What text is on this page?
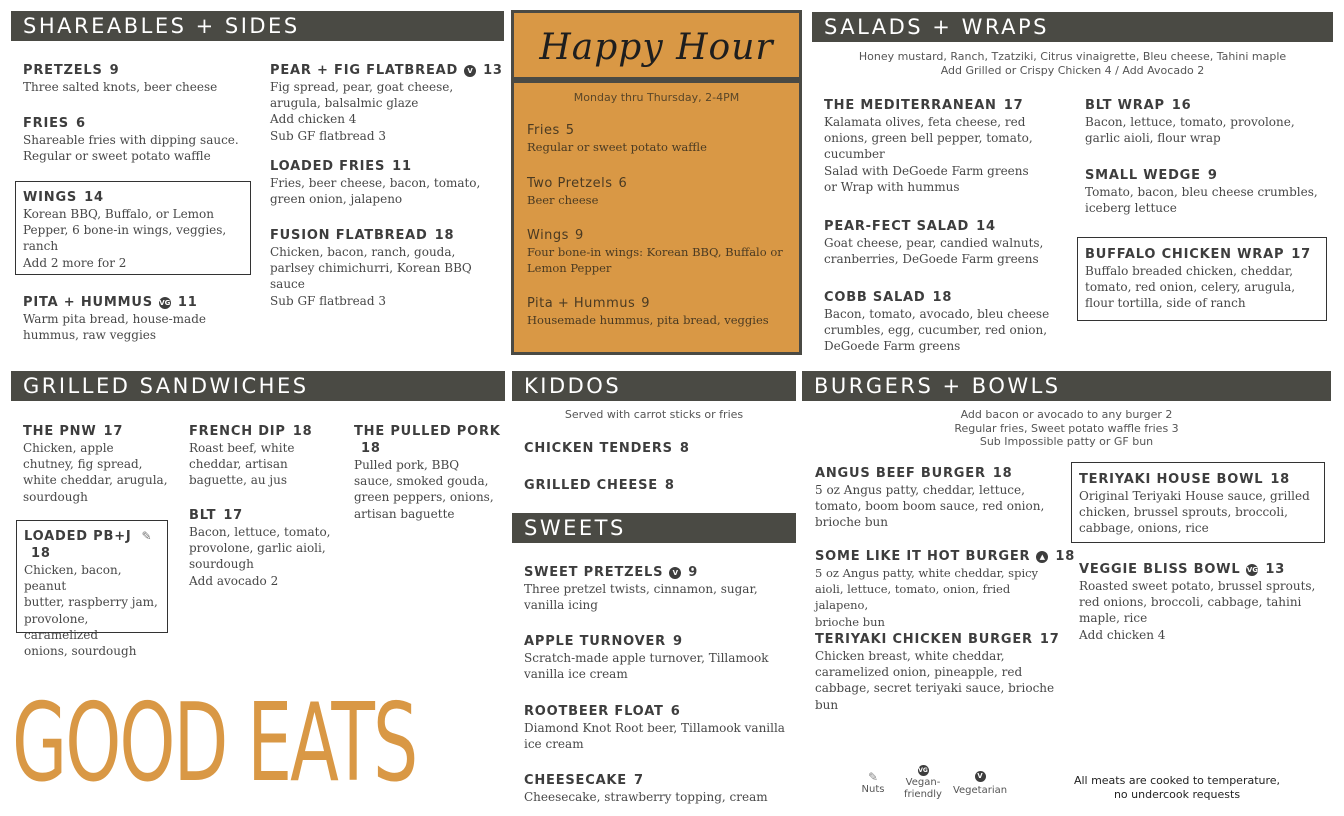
SHAREABLES + SIDES	SALADS + WRAPS
GRILLED SANDWICHES	KIDDOS	BURGERS + BOWLS
SWEETS
PRETZELS 9
Three salted knots, beer cheese
FRIES 6
Shareable fries with dipping sauce.
Regular or sweet potato waffle
WINGS 14
Korean BBQ, Buffalo, or Lemon
Pepper, 6 bone-in wings, veggies,
ranch
Add 2 more for 2
PITA + HUMMUS VG 11
Warm pita bread, house-made
hummus, raw veggies
PEAR + FIG FLATBREAD V 13
Fig spread, pear, goat cheese,
arugula, balsalmic glaze
Add chicken 4
Sub GF flatbread 3
LOADED FRIES 11
Fries, beer cheese, bacon, tomato,
green onion, jalapeno
FUSION FLATBREAD 18
Chicken, bacon, ranch, gouda,
parlsey chimichurri, Korean BBQ
sauce
Sub GF flatbread 3
Happy Hour
Monday thru Thursday, 2-4PM
Fries 5
Regular or sweet potato waffle
Two Pretzels 6
Beer cheese
Wings 9
Four bone-in wings: Korean BBQ, Buffalo or
Lemon Pepper
Pita + Hummus 9
Housemade hummus, pita bread, veggies
Honey mustard, Ranch, Tzatziki, Citrus vinaigrette, Bleu cheese, Tahini maple
Add Grilled or Crispy Chicken 4 / Add Avocado 2
THE MEDITERRANEAN 17
Kalamata olives, feta cheese, red
onions, green bell pepper, tomato,
cucumber
Salad with DeGoede Farm greens
or Wrap with hummus
PEAR-FECT SALAD 14
Goat cheese, pear, candied walnuts,
cranberries, DeGoede Farm greens
COBB SALAD 18
Bacon, tomato, avocado, bleu cheese
crumbles, egg, cucumber, red onion,
DeGoede Farm greens
BLT WRAP 16
Bacon, lettuce, tomato, provolone,
garlic aioli, flour wrap
SMALL WEDGE 9
Tomato, bacon, bleu cheese crumbles,
iceberg lettuce
BUFFALO CHICKEN WRAP 17
Buffalo breaded chicken, cheddar,
tomato, red onion, celery, arugula,
flour tortilla, side of ranch
THE PNW 17
Chicken, apple
chutney, fig spread,
white cheddar, arugula,
sourdough
LOADED PB+J ✎
18
Chicken, bacon, peanut
butter, raspberry jam,
provolone, caramelized
onions, sourdough
FRENCH DIP 18
Roast beef, white
cheddar, artisan
baguette, au jus
BLT 17
Bacon, lettuce, tomato,
provolone, garlic aioli,
sourdough
Add avocado 2
THE PULLED PORK
18
Pulled pork, BBQ
sauce, smoked gouda,
green peppers, onions,
artisan baguette
Served with carrot sticks or fries
CHICKEN TENDERS 8
GRILLED CHEESE 8
SWEET PRETZELS V 9
Three pretzel twists, cinnamon, sugar,
vanilla icing
APPLE TURNOVER 9
Scratch-made apple turnover, Tillamook
vanilla ice cream
ROOTBEER FLOAT 6
Diamond Knot Root beer, Tillamook vanilla
ice cream
CHEESECAKE 7
Cheesecake, strawberry topping, cream
Add bacon or avocado to any burger 2
Regular fries, Sweet potato waffle fries 3
Sub Impossible patty or GF bun
ANGUS BEEF BURGER 18
5 oz Angus patty, cheddar, lettuce,
tomato, boom boom sauce, red onion,
brioche bun
SOME LIKE IT HOT BURGER ▲ 18
5 oz Angus patty, white cheddar, spicy
aioli, lettuce, tomato, onion, fried jalapeno,
brioche bun
TERIYAKI CHICKEN BURGER 17
Chicken breast, white cheddar,
caramelized onion, pineapple, red
cabbage, secret teriyaki sauce, brioche
bun
TERIYAKI HOUSE BOWL 18
Original Teriyaki House sauce, grilled
chicken, brussel sprouts, broccoli,
cabbage, onions, rice
VEGGIE BLISS BOWL VG 13
Roasted sweet potato, brussel sprouts,
red onions, broccoli, cabbage, tahini
maple, rice
Add chicken 4
GOOD EATS	✎
Nuts
VG
Vegan-
friendly
V
Vegetarian
All meats are cooked to temperature,
no undercook requests
